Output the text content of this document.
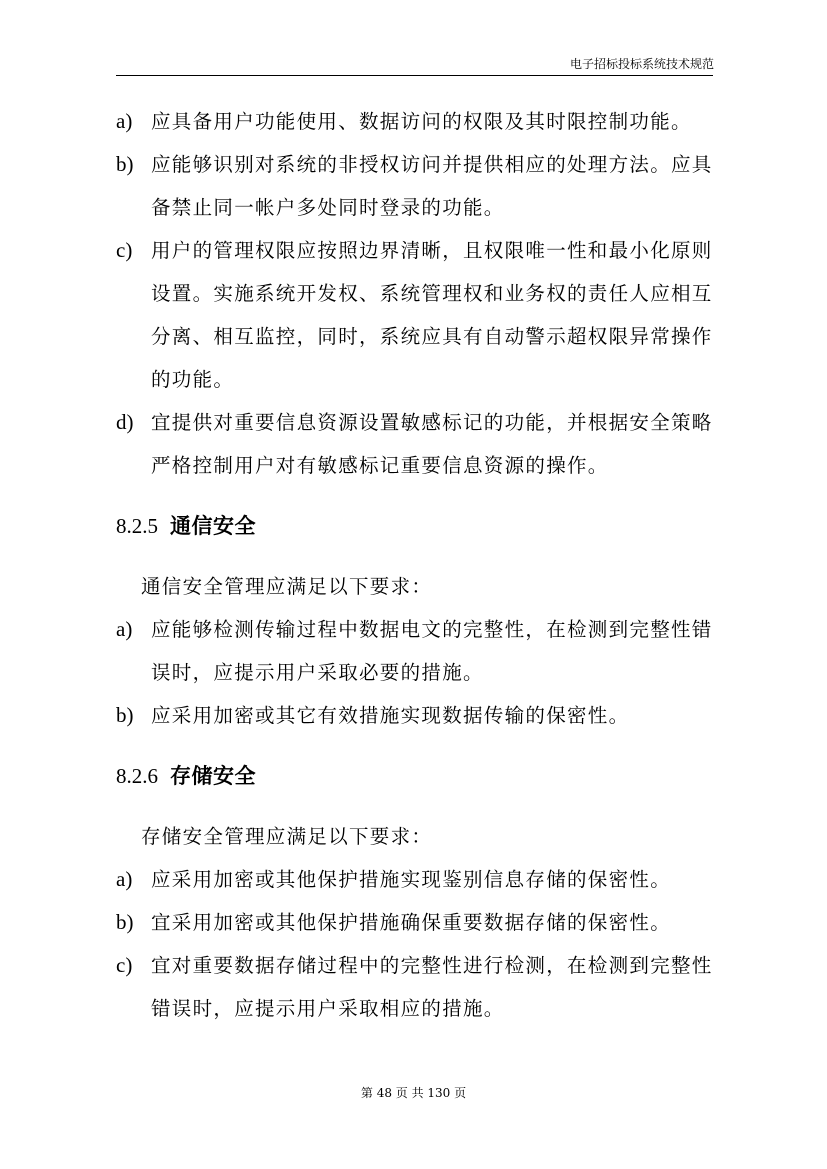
电子招标投标系统技术规范
a) 应具备用户功能使用、数据访问的权限及其时限控制功能。
b) 应能够识别对系统的非授权访问并提供相应的处理方法。应具备禁止同一帐户多处同时登录的功能。
c) 用户的管理权限应按照边界清晰，且权限唯一性和最小化原则设置。实施系统开发权、系统管理权和业务权的责任人应相互分离、相互监控，同时，系统应具有自动警示超权限异常操作的功能。
d) 宜提供对重要信息资源设置敏感标记的功能，并根据安全策略严格控制用户对有敏感标记重要信息资源的操作。
8.2.5 通信安全
通信安全管理应满足以下要求：
a) 应能够检测传输过程中数据电文的完整性，在检测到完整性错误时，应提示用户采取必要的措施。
b) 应采用加密或其它有效措施实现数据传输的保密性。
8.2.6 存储安全
存储安全管理应满足以下要求：
a) 应采用加密或其他保护措施实现鉴别信息存储的保密性。
b) 宜采用加密或其他保护措施确保重要数据存储的保密性。
c) 宜对重要数据存储过程中的完整性进行检测，在检测到完整性错误时，应提示用户采取相应的措施。
第 48 页 共 130 页
